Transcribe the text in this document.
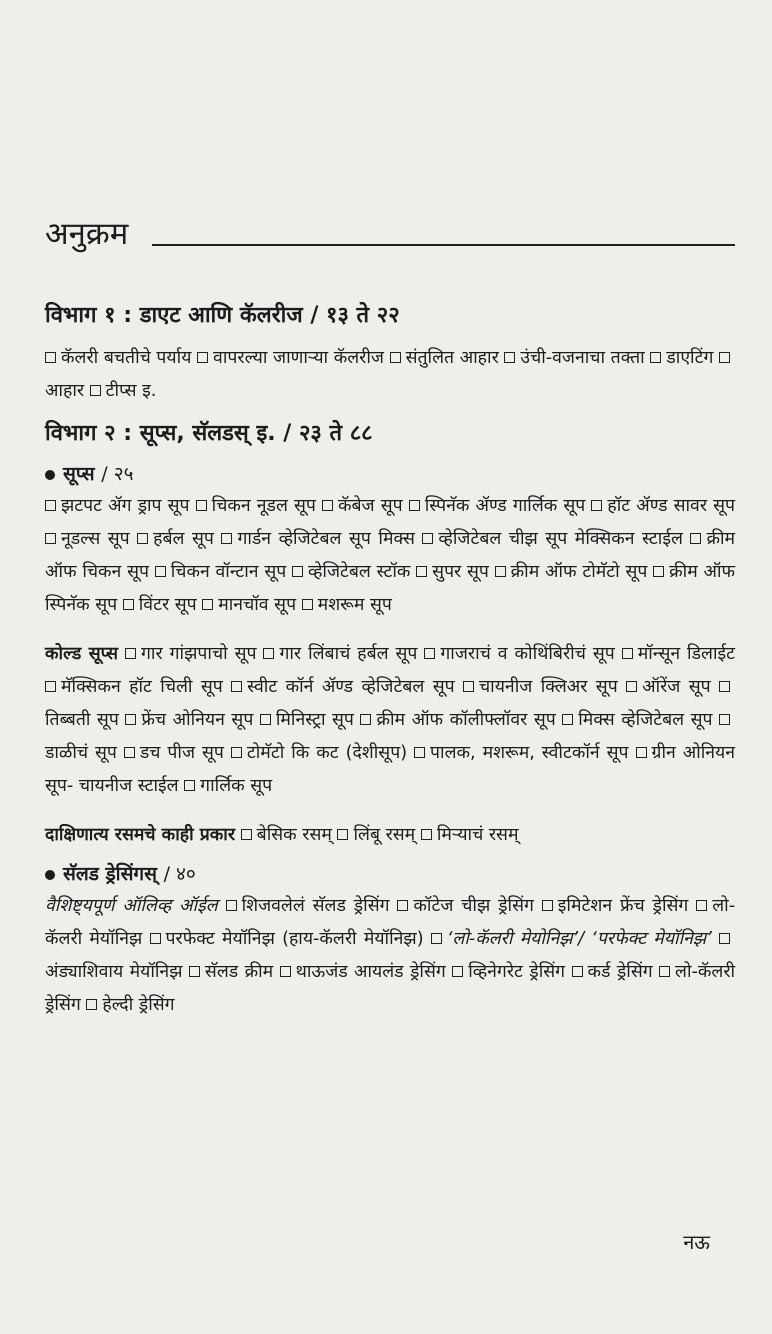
अनुक्रम
विभाग १ : डाएट आणि कॅलरीज / १३ ते २२

कॅलरी बचतीचे पर्याय वापरल्या जाणाऱ्या कॅलरीज संतुलित आहार उंची-वजनाचा तक्ता डाएटिंग आहार टीप्स इ.

विभाग २ : सूप्स, सॅलडस् इ. / २३ ते ८८
सूप्स / २५

झटपट ॲग ड्राप सूप चिकन नूडल सूप कॅबेज सूप स्पिनॅक ॲण्ड गार्लिक सूप हॉट ॲण्ड सावर सूप नूडल्स सूप हर्बल सूप गार्डन व्हेजिटेबल सूप मिक्स व्हेजिटेबल चीझ सूप मेक्सिकन स्टाईल क्रीम ऑफ चिकन सूप चिकन वॉन्टान सूप व्हेजिटेबल स्टॉक सुपर सूप क्रीम ऑफ टोमॅटो सूप क्रीम ऑफ स्पिनॅक सूप विंटर सूप मानचॉव सूप मशरूम सूप

कोल्ड सूप्स गार गांझपाचो सूप गार लिंबाचं हर्बल सूप गाजराचं व कोथिंबिरीचं सूप मॉन्सून डिलाईट मॅक्सिकन हॉट चिली सूप स्वीट कॉर्न ॲण्ड व्हेजिटेबल सूप चायनीज क्लिअर सूप ऑरेंज सूप तिब्बती सूप फ्रेंच ओनियन सूप मिनिस्ट्रा सूप क्रीम ऑफ कॉलीफ्लॉवर सूप मिक्स व्हेजिटेबल सूप डाळीचं सूप डच पीज सूप टोमॅटो कि कट (देशीसूप) पालक, मशरूम, स्वीटकॉर्न सूप ग्रीन ओनियन सूप- चायनीज स्टाईल गार्लिक सूप

दाक्षिणात्य रसमचे काही प्रकार बेसिक रसम् लिंबू रसम् मिऱ्याचं रसम्

सॅलड ड्रेसिंगस् / ४०

वैशिष्ट्यपूर्ण ऑलिव्ह ऑईल शिजवलेलं सॅलड ड्रेसिंग कॉटेज चीझ ड्रेसिंग इमिटेशन फ्रेंच ड्रेसिंग लो-कॅलरी मेयॉनिझ परफेक्ट मेयॉनिझ (हाय-कॅलरी मेयॉनिझ) ‘लो-कॅलरी मेयोनिझ’/ ‘परफेक्ट मेयॉनिझ’ अंड्याशिवाय मेयॉनिझ सॅलड क्रीम थाऊजंड आयलंड ड्रेसिंग व्हिनेगरेट ड्रेसिंग कर्ड ड्रेसिंग लो-कॅलरी ड्रेसिंग हेल्दी ड्रेसिंग

नऊ
